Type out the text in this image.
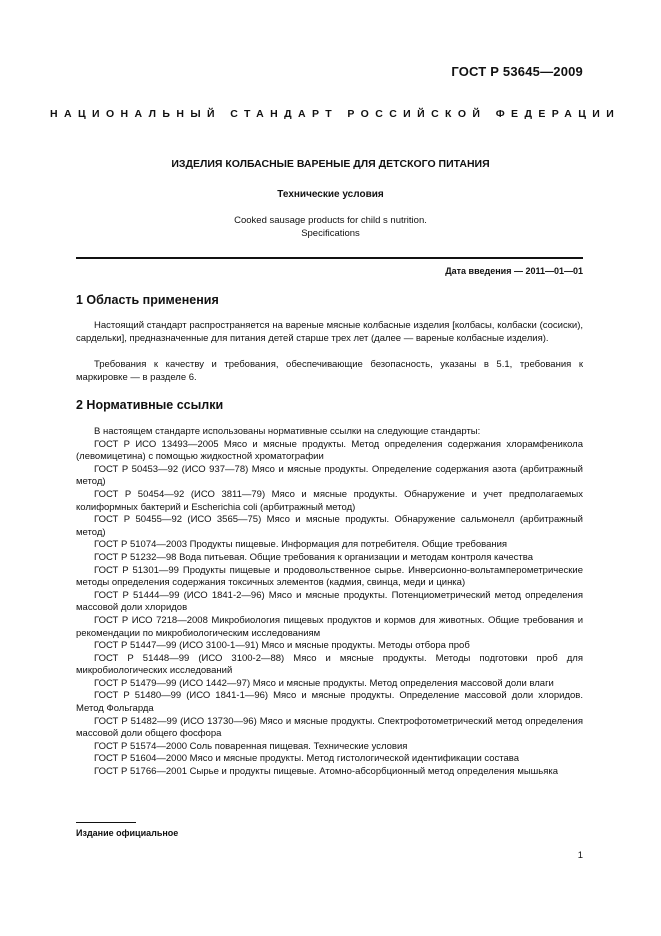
ГОСТ Р 53645—2009
НАЦИОНАЛЬНЫЙ СТАНДАРТ РОССИЙСКОЙ ФЕДЕРАЦИИ
ИЗДЕЛИЯ КОЛБАСНЫЕ ВАРЕНЫЕ ДЛЯ ДЕТСКОГО ПИТАНИЯ
Технические условия
Cooked sausage products for child s nutrition.
Specifications
Дата введения — 2011—01—01
1 Область применения
Настоящий стандарт распространяется на вареные мясные колбасные изделия [колбасы, колбаски (сосиски), сардельки], предназначенные для питания детей старше трех лет (далее — вареные колбасные изделия).
Требования к качеству и требования, обеспечивающие безопасность, указаны в 5.1, требования к маркировке — в разделе 6.
2 Нормативные ссылки
В настоящем стандарте использованы нормативные ссылки на следующие стандарты:
ГОСТ Р ИСО 13493—2005 Мясо и мясные продукты. Метод определения содержания хлорамфеникола (левомицетина) с помощью жидкостной хроматографии
ГОСТ Р 50453—92 (ИСО 937—78) Мясо и мясные продукты. Определение содержания азота (арбитражный метод)
ГОСТ Р 50454—92 (ИСО 3811—79) Мясо и мясные продукты. Обнаружение и учет предполагаемых колиформных бактерий и Escherichia coli (арбитражный метод)
ГОСТ Р 50455—92 (ИСО 3565—75) Мясо и мясные продукты. Обнаружение сальмонелл (арбитражный метод)
ГОСТ Р 51074—2003 Продукты пищевые. Информация для потребителя. Общие требования
ГОСТ Р 51232—98 Вода питьевая. Общие требования к организации и методам контроля качества
ГОСТ Р 51301—99 Продукты пищевые и продовольственное сырье. Инверсионно-вольтамперометрические методы определения содержания токсичных элементов (кадмия, свинца, меди и цинка)
ГОСТ Р 51444—99 (ИСО 1841-2—96) Мясо и мясные продукты. Потенциометрический метод определения массовой доли хлоридов
ГОСТ Р ИСО 7218—2008 Микробиология пищевых продуктов и кормов для животных. Общие требования и рекомендации по микробиологическим исследованиям
ГОСТ Р 51447—99 (ИСО 3100-1—91) Мясо и мясные продукты. Методы отбора проб
ГОСТ Р 51448—99 (ИСО 3100-2—88) Мясо и мясные продукты. Методы подготовки проб для микробиологических исследований
ГОСТ Р 51479—99 (ИСО 1442—97) Мясо и мясные продукты. Метод определения массовой доли влаги
ГОСТ Р 51480—99 (ИСО 1841-1—96) Мясо и мясные продукты. Определение массовой доли хлоридов. Метод Фольгарда
ГОСТ Р 51482—99 (ИСО 13730—96) Мясо и мясные продукты. Спектрофотометрический метод определения массовой доли общего фосфора
ГОСТ Р 51574—2000 Соль поваренная пищевая. Технические условия
ГОСТ Р 51604—2000 Мясо и мясные продукты. Метод гистологической идентификации состава
ГОСТ Р 51766—2001 Сырье и продукты пищевые. Атомно-абсорбционный метод определения мышьяка
Издание официальное
1
